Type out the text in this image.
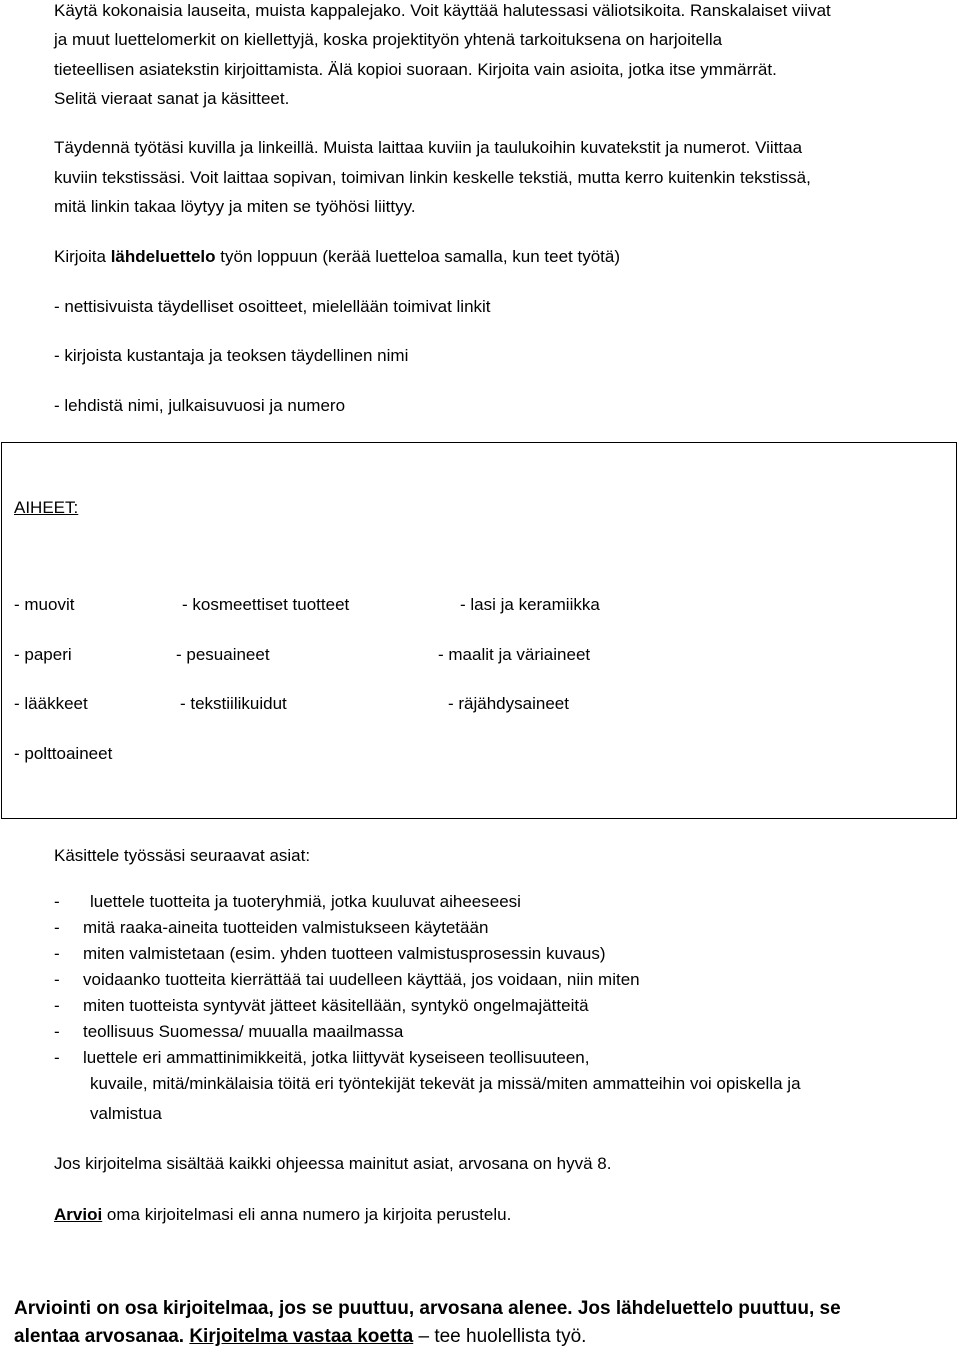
Käytä kokonaisia lauseita, muista kappalejako. Voit käyttää halutessasi väliotsikoita. Ranskalaiset viivat
ja muut luettelomerkit on kiellettyjä, koska projektityön yhtenä tarkoituksena on harjoitella
tieteellisen asiatekstin kirjoittamista. Älä kopioi suoraan. Kirjoita vain asioita, jotka itse ymmärrät.
Selitä vieraat sanat ja käsitteet.
Täydennä työtäsi kuvilla ja linkeillä. Muista laittaa kuviin ja taulukoihin kuvatekstit ja numerot. Viittaa
kuviin tekstissäsi. Voit laittaa sopivan, toimivan linkin keskelle tekstiä, mutta kerro kuitenkin tekstissä,
mitä linkin takaa löytyy ja miten se työhösi liittyy.
Kirjoita lähdeluettelo työn loppuun (kerää luetteloa samalla, kun teet työtä)
- nettisivuista täydelliset osoitteet, mielellään toimivat linkit
- kirjoista kustantaja ja teoksen täydellinen nimi
- lehdistä nimi, julkaisuvuosi ja numero
AIHEET:
- muovit	- kosmeettiset tuotteet	- lasi ja keramiikka
- paperi	- pesuaineet	- maalit ja väriaineet
- lääkkeet	- tekstiilikuidut	- räjähdysaineet
- polttoaineet
Käsittele työssäsi seuraavat asiat:
- luettele tuotteita ja tuoteryhmiä, jotka kuuluvat aiheeseesi
- mitä raaka-aineita tuotteiden valmistukseen käytetään
- miten valmistetaan (esim. yhden tuotteen valmistusprosessin kuvaus)
- voidaanko tuotteita kierrättää tai uudelleen käyttää, jos voidaan, niin miten
- miten tuotteista syntyvät jätteet käsitellään, syntykö ongelmajätteitä
- teollisuus Suomessa/ muualla maailmassa
- luettele eri ammattinimikkeitä, jotka liittyvät kyseiseen teollisuuteen,
kuvaile, mitä/minkälaisia töitä eri työntekijät tekevät ja missä/miten ammatteihin voi opiskella ja
valmistua
Jos kirjoitelma sisältää kaikki ohjeessa mainitut asiat, arvosana on hyvä 8.
Arvioi oma kirjoitelmasi eli anna numero ja kirjoita perustelu.
Arviointi on osa kirjoitelmaa, jos se puuttuu, arvosana alenee. Jos lähdeluettelo puuttuu, se
alentaa arvosanaa. Kirjoitelma vastaa koetta – tee huolellista työ.
